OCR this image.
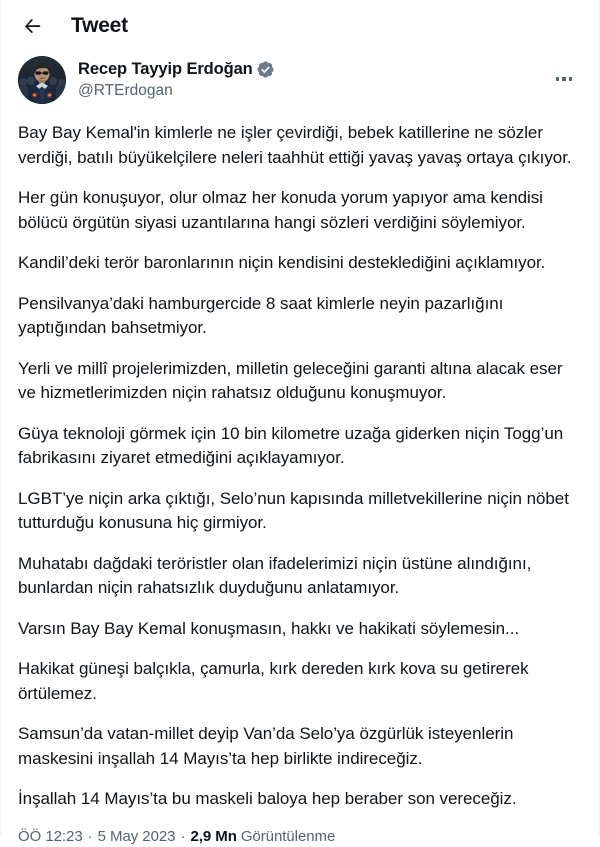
Tweet
Recep Tayyip Erdoğan
@RTErdogan

Bay Bay Kemal'in kimlerle ne işler çevirdiği, bebek katillerine ne sözler verdiği, batılı büyükelçilere neleri taahhüt ettiği yavaş yavaş ortaya çıkıyor.

Her gün konuşuyor, olur olmaz her konuda yorum yapıyor ama kendisi bölücü örgütün siyasi uzantılarına hangi sözleri verdiğini söylemiyor.

Kandil’deki terör baronlarının niçin kendisini desteklediğini açıklamıyor.

Pensilvanya’daki hamburgercide 8 saat kimlerle neyin pazarlığını yaptığından bahsetmiyor.

Yerli ve millî projelerimizden, milletin geleceğini garanti altına alacak eser ve hizmetlerimizden niçin rahatsız olduğunu konuşmuyor.

Güya teknoloji görmek için 10 bin kilometre uzağa giderken niçin Togg’un fabrikasını ziyaret etmediğini açıklayamıyor.

LGBT’ye niçin arka çıktığı, Selo’nun kapısında milletvekillerine niçin nöbet tutturduğu konusuna hiç girmiyor.

Muhatabı dağdaki teröristler olan ifadelerimizi niçin üstüne alındığını, bunlardan niçin rahatsızlık duyduğunu anlatamıyor.

Varsın Bay Bay Kemal konuşmasın, hakkı ve hakikati söylemesin...

Hakikat güneşi balçıkla, çamurla, kırk dereden kırk kova su getirerek örtülemez.

Samsun’da vatan-millet deyip Van’da Selo’ya özgürlük isteyenlerin maskesini inşallah 14 Mayıs’ta hep birlikte indireceğiz.

İnşallah 14 Mayıs’ta bu maskeli baloya hep beraber son vereceğiz.

ÖÖ 12:23 · 5 May 2023 · 2,9 Mn Görüntülenme
